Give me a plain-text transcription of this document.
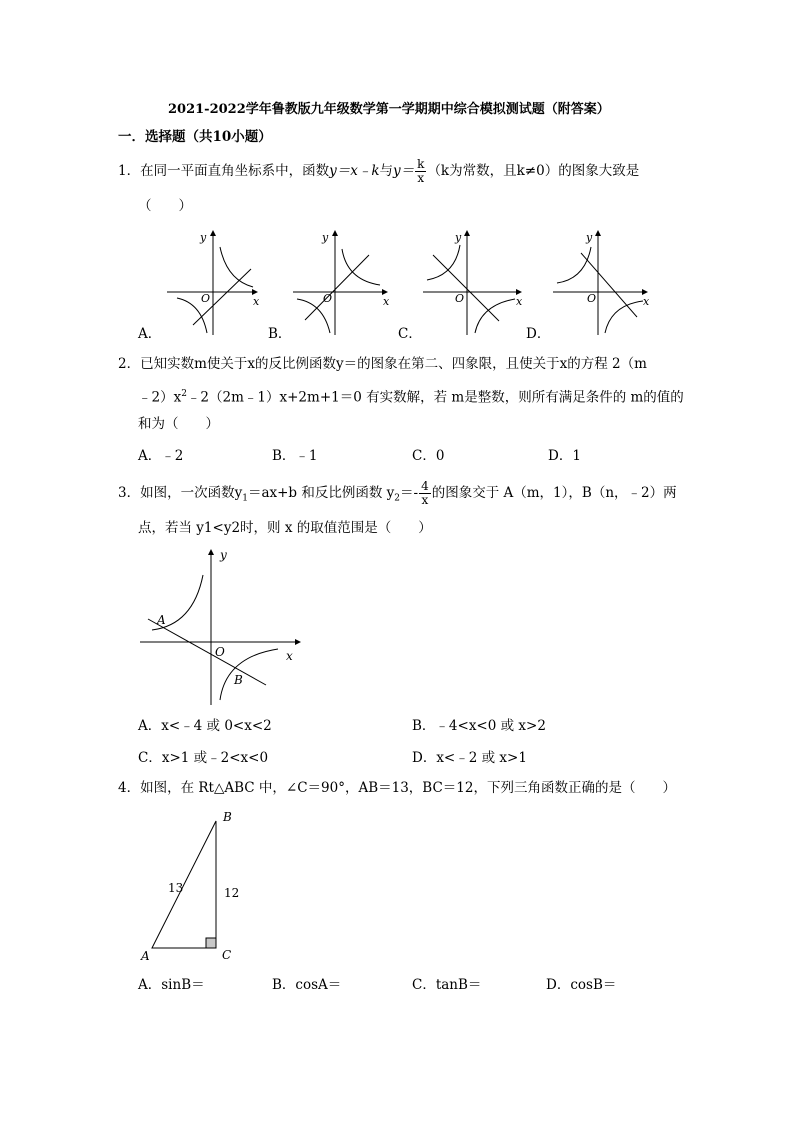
2021-2022学年鲁教版九年级数学第一学期期中综合模拟测试题（附答案）
一．选择题（共10小题）
1．在同一平面直角坐标系中，函数y＝x﹣k与$y= \frac{k}{x} (k$为常数，且k≠0）的图象大致是
（　　）
y
x
O
y
x
O
y
x
O
y
x
O
A．	B．	C．	D．
2．已知实数m使关于x的反比例函数y＝的图象在第二、四象限，且使关于x的方程 2（m
$﹣2)x^2﹣2(2m﹣1)x+2m+1=0$ 有实数解，若 m是整数，则所有满足条件的 m的值的
和为（　　）
A．﹣2	B．﹣1	C．0	D．1
3．如图，一次函数$y_1=ax+b$ 和反比例函数 $y_2=- \frac{4}{x}$ 的图象交于 A（m，1），B（n，﹣2）两
点，若当 y1<y2时，则 x 的取值范围是（　　）
y
x
O
A
B
A．x<﹣4 或 0<x<2	B．﹣4<x<0 或 x>2
C．x>1 或﹣2<x<0	D．x<﹣2 或 x>1
4．如图，在 Rt△ABC 中，∠C＝90°，AB＝13，BC＝12，下列三角函数正确的是（　　）
B
A	C
13	12
A．sinB＝	B．cosA＝	C．tanB＝	D．cosB＝
